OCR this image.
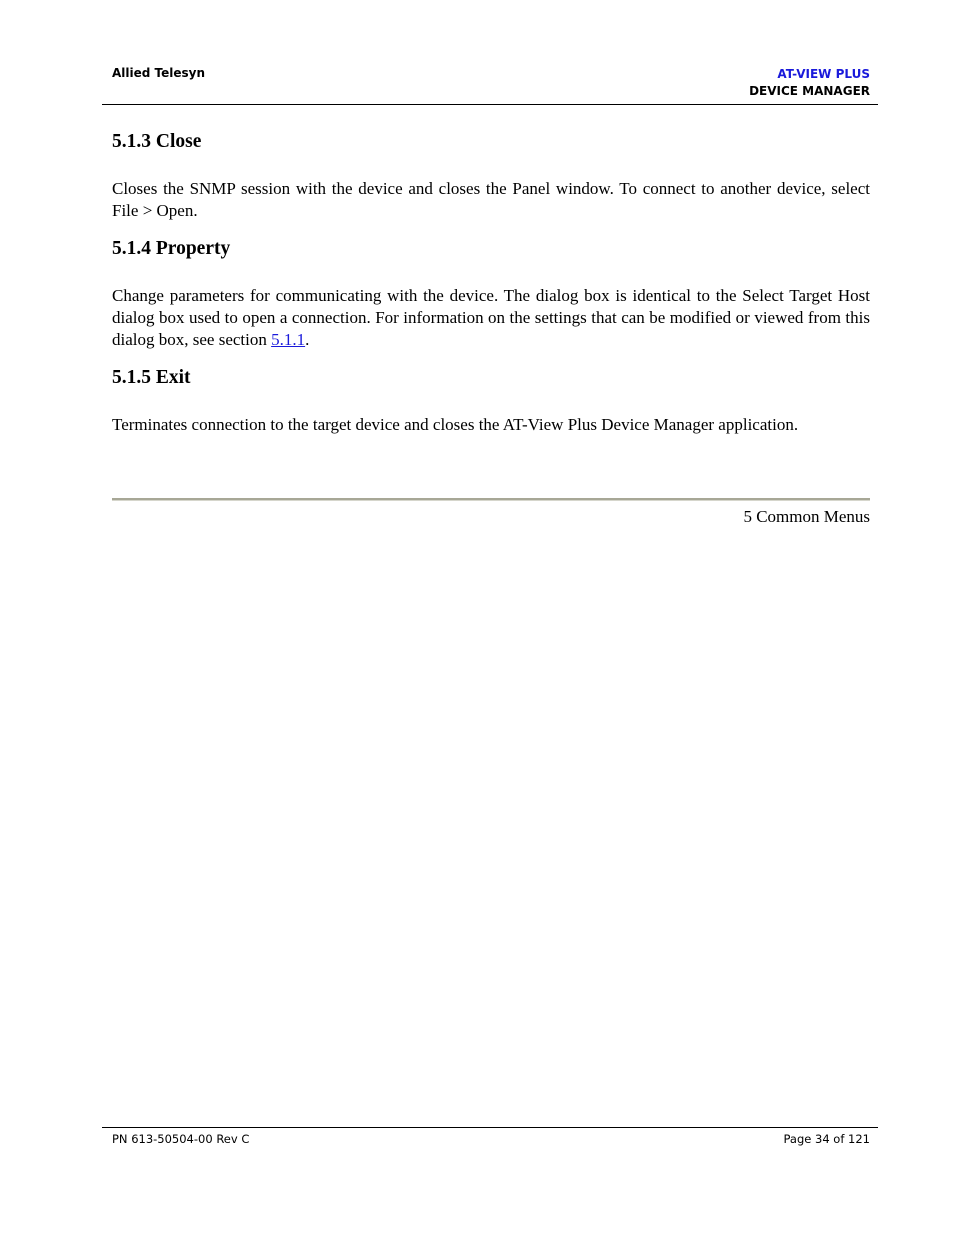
Allied Telesyn	AT-VIEW PLUS
DEVICE MANAGER
5.1.3 Close

Closes the SNMP session with the device and closes the Panel window. To connect to another device, select File > Open.

5.1.4 Property

Change parameters for communicating with the device. The dialog box is identical to the Select Target Host dialog box used to open a connection. For information on the settings that can be modified or viewed from this dialog box, see section 5.1.1.

5.1.5 Exit

Terminates connection to the target device and closes the AT-View Plus Device Manager application.

5 Common Menus
PN 613-50504-00 Rev C	Page 34 of 121
